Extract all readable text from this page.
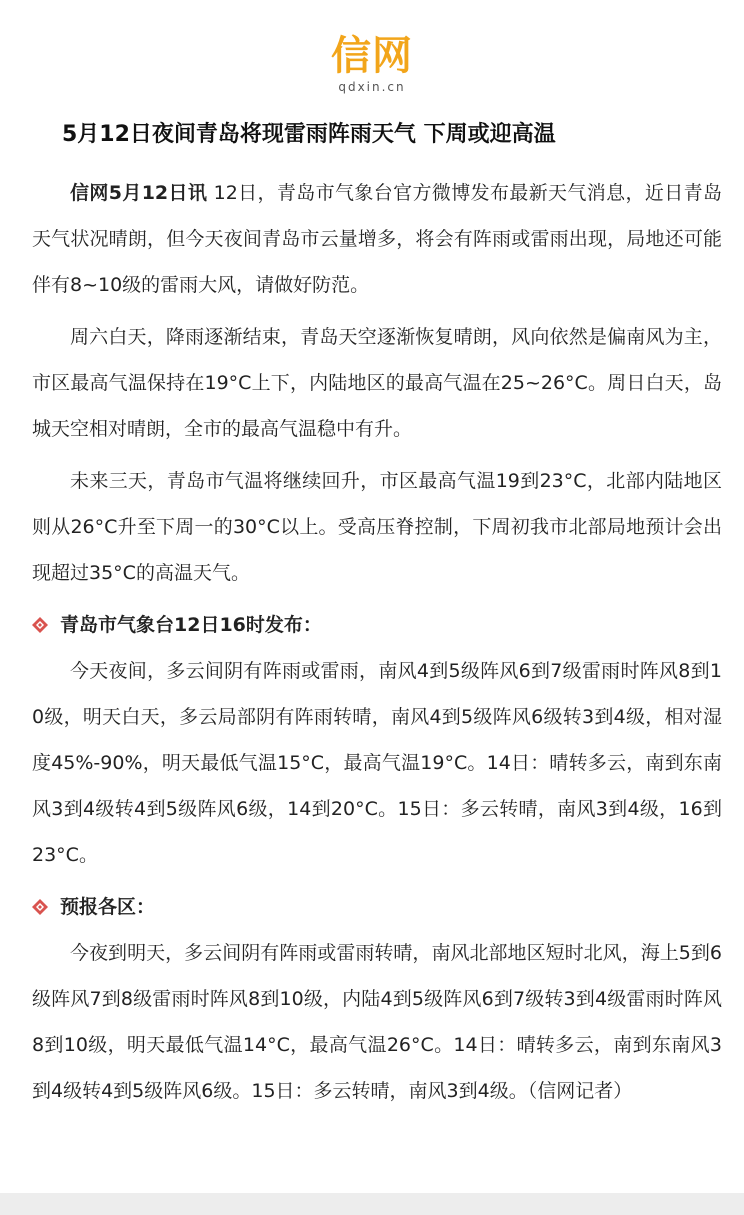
信网
qdxin.cn
5月12日夜间青岛将现雷雨阵雨天气 下周或迎高温

信网5月12日讯 12日，青岛市气象台官方微博发布最新天气消息，近日青岛天气状况晴朗，但今天夜间青岛市云量增多，将会有阵雨或雷雨出现，局地还可能伴有8~10级的雷雨大风，请做好防范。

周六白天，降雨逐渐结束，青岛天空逐渐恢复晴朗，风向依然是偏南风为主，市区最高气温保持在19°C上下，内陆地区的最高气温在25~26°C。周日白天，岛城天空相对晴朗，全市的最高气温稳中有升。

未来三天，青岛市气温将继续回升，市区最高气温19到23°C，北部内陆地区则从26°C升至下周一的30°C以上。受高压脊控制，下周初我市北部局地预计会出现超过35°C的高温天气。

青岛市气象台12日16时发布：

今天夜间，多云间阴有阵雨或雷雨，南风4到5级阵风6到7级雷雨时阵风8到10级，明天白天，多云局部阴有阵雨转晴，南风4到5级阵风6级转3到4级，相对湿度45%-90%，明天最低气温15°C，最高气温19°C。14日：晴转多云，南到东南风3到4级转4到5级阵风6级，14到20°C。15日：多云转晴，南风3到4级，16到23°C。

预报各区：

今夜到明天，多云间阴有阵雨或雷雨转晴，南风北部地区短时北风，海上5到6级阵风7到8级雷雨时阵风8到10级，内陆4到5级阵风6到7级转3到4级雷雨时阵风8到10级，明天最低气温14°C，最高气温26°C。14日：晴转多云，南到东南风3到4级转4到5级阵风6级。15日：多云转晴，南风3到4级。（信网记者）
